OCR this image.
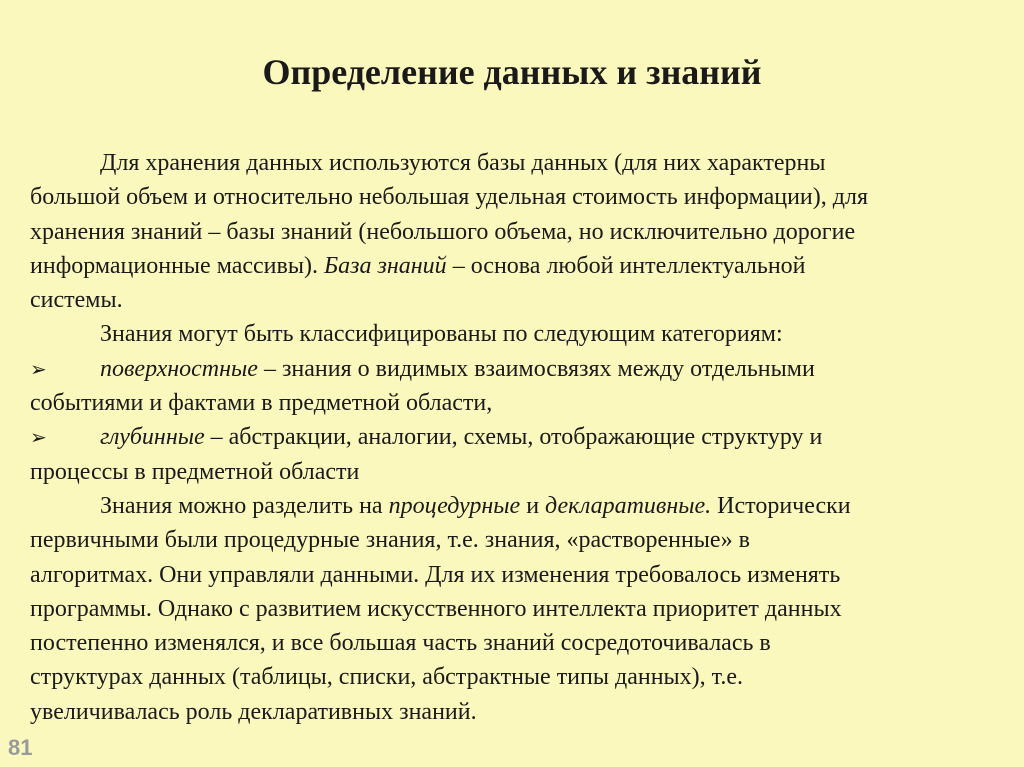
Определение данных и знаний
Для хранения данных используются базы данных (для них характерны
большой объем и относительно небольшая удельная стоимость информации), для
хранения знаний – базы знаний (небольшого объема, но исключительно дорогие
информационные массивы). База знаний – основа любой интеллектуальной
системы.
Знания могут быть классифицированы по следующим категориям:
➢ поверхностные – знания о видимых взаимосвязях между отдельными
событиями и фактами в предметной области,
➢ глубинные – абстракции, аналогии, схемы, отображающие структуру и
процессы в предметной области
Знания можно разделить на процедурные и декларативные. Исторически
первичными были процедурные знания, т.е. знания, «растворенные» в
алгоритмах. Они управляли данными. Для их изменения требовалось изменять
программы. Однако с развитием искусственного интеллекта приоритет данных
постепенно изменялся, и все большая часть знаний сосредоточивалась в
структурах данных (таблицы, списки, абстрактные типы данных), т.е.
увеличивалась роль декларативных знаний.
81
